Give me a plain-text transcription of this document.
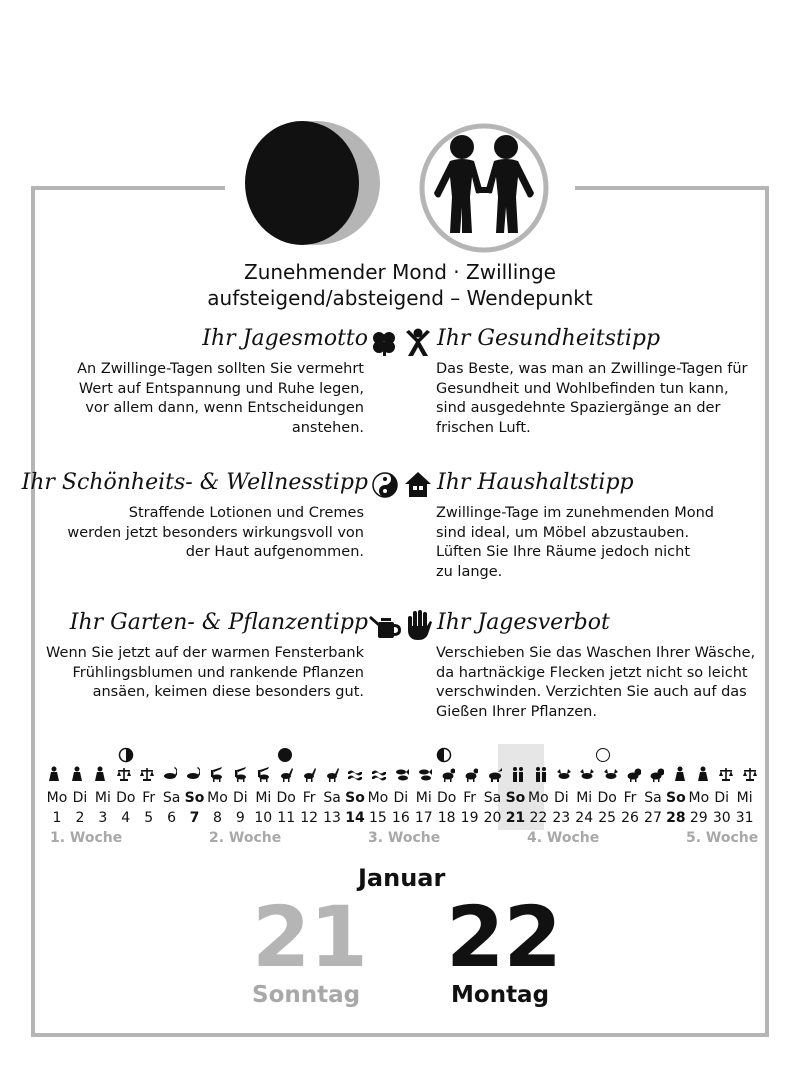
Zunehmender Mond · Zwillinge
aufsteigend/absteigend – Wendepunkt
Ihr Jagesmotto
An Zwillinge-Tagen sollten Sie vermehrt
Wert auf Entspannung und Ruhe legen,
vor allem dann, wenn Entscheidungen
anstehen.
Ihr Gesundheitstipp
Das Beste, was man an Zwillinge-Tagen für
Gesundheit und Wohlbefinden tun kann,
sind ausgedehnte Spaziergänge an der
frischen Luft.
Ihr Schönheits- & Wellnesstipp
Straffende Lotionen und Cremes
werden jetzt besonders wirkungsvoll von
der Haut aufgenommen.
Ihr Haushaltstipp
Zwillinge-Tage im zunehmenden Mond
sind ideal, um Möbel abzustauben.
Lüften Sie Ihre Räume jedoch nicht
zu lange.
Ihr Garten- & Pflanzentipp
Wenn Sie jetzt auf der warmen Fensterbank
Frühlingsblumen und rankende Pflanzen
ansäen, keimen diese besonders gut.
Ihr Jagesverbot
Verschieben Sie das Waschen Ihrer Wäsche,
da hartnäckige Flecken jetzt nicht so leicht
verschwinden. Verzichten Sie auch auf das
Gießen Ihrer Pflanzen.
Mo Di Mi Do Fr Sa So Mo Di Mi Do Fr Sa So Mo Di Mi Do Fr Sa So Mo Di Mi Do Fr Sa So Mo Di Mi
1	2	3	4	5	6 7 8	9 10 11 12 13 14 15 16 17 18 19 20 21 22 23 24 25 26 27 28 29 30 31
1. Woche	2. Woche	3. Woche	4. Woche	5. Woche
Januar
21
Sonntag
22
Montag
